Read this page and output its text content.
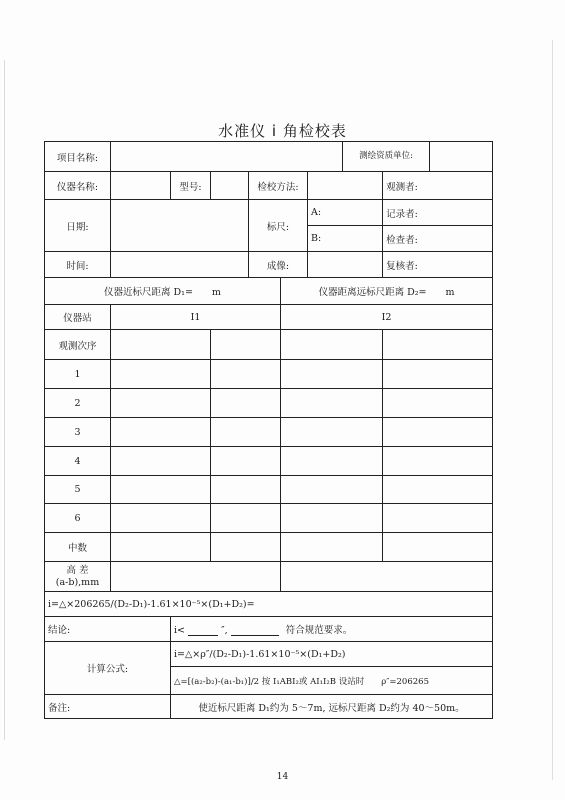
水准仪 i 角检校表
项目名称:							测绘资质单位:		
仪器名称:		型号:		检校方法:				观测者:	
日期:				标尺:		A:		记录者:	
						B:		检查者:	
时间:				成像:				复核者:	
仪器近标尺距离 D₁=　　m					仪器距离远标尺距离 D₂=　　m				
仪器站	I1				I2				
观测次序									
1									
2									
3									
4									
5									
6									
中数									

高 差
(a-b),mm									

i=△×206265/(D₂-D₁)-1.61×10⁻⁵×(D₁+D₂)=									
结论:		i< ″, 符合规范要求。							
计算公式:		i=△×ρ″/(D₂-D₁)-1.61×10⁻⁵×(D₁+D₂)							
		△=[(a₂-b₂)-(a₁-b₁)]/2 按 I₁ABI₂或 AI₁I₂B 设站时　　ρ″=206265							
备注:		使近标尺距离 D₁约为 5～7m, 远标尺距离 D₂约为 40～50m。							
14
